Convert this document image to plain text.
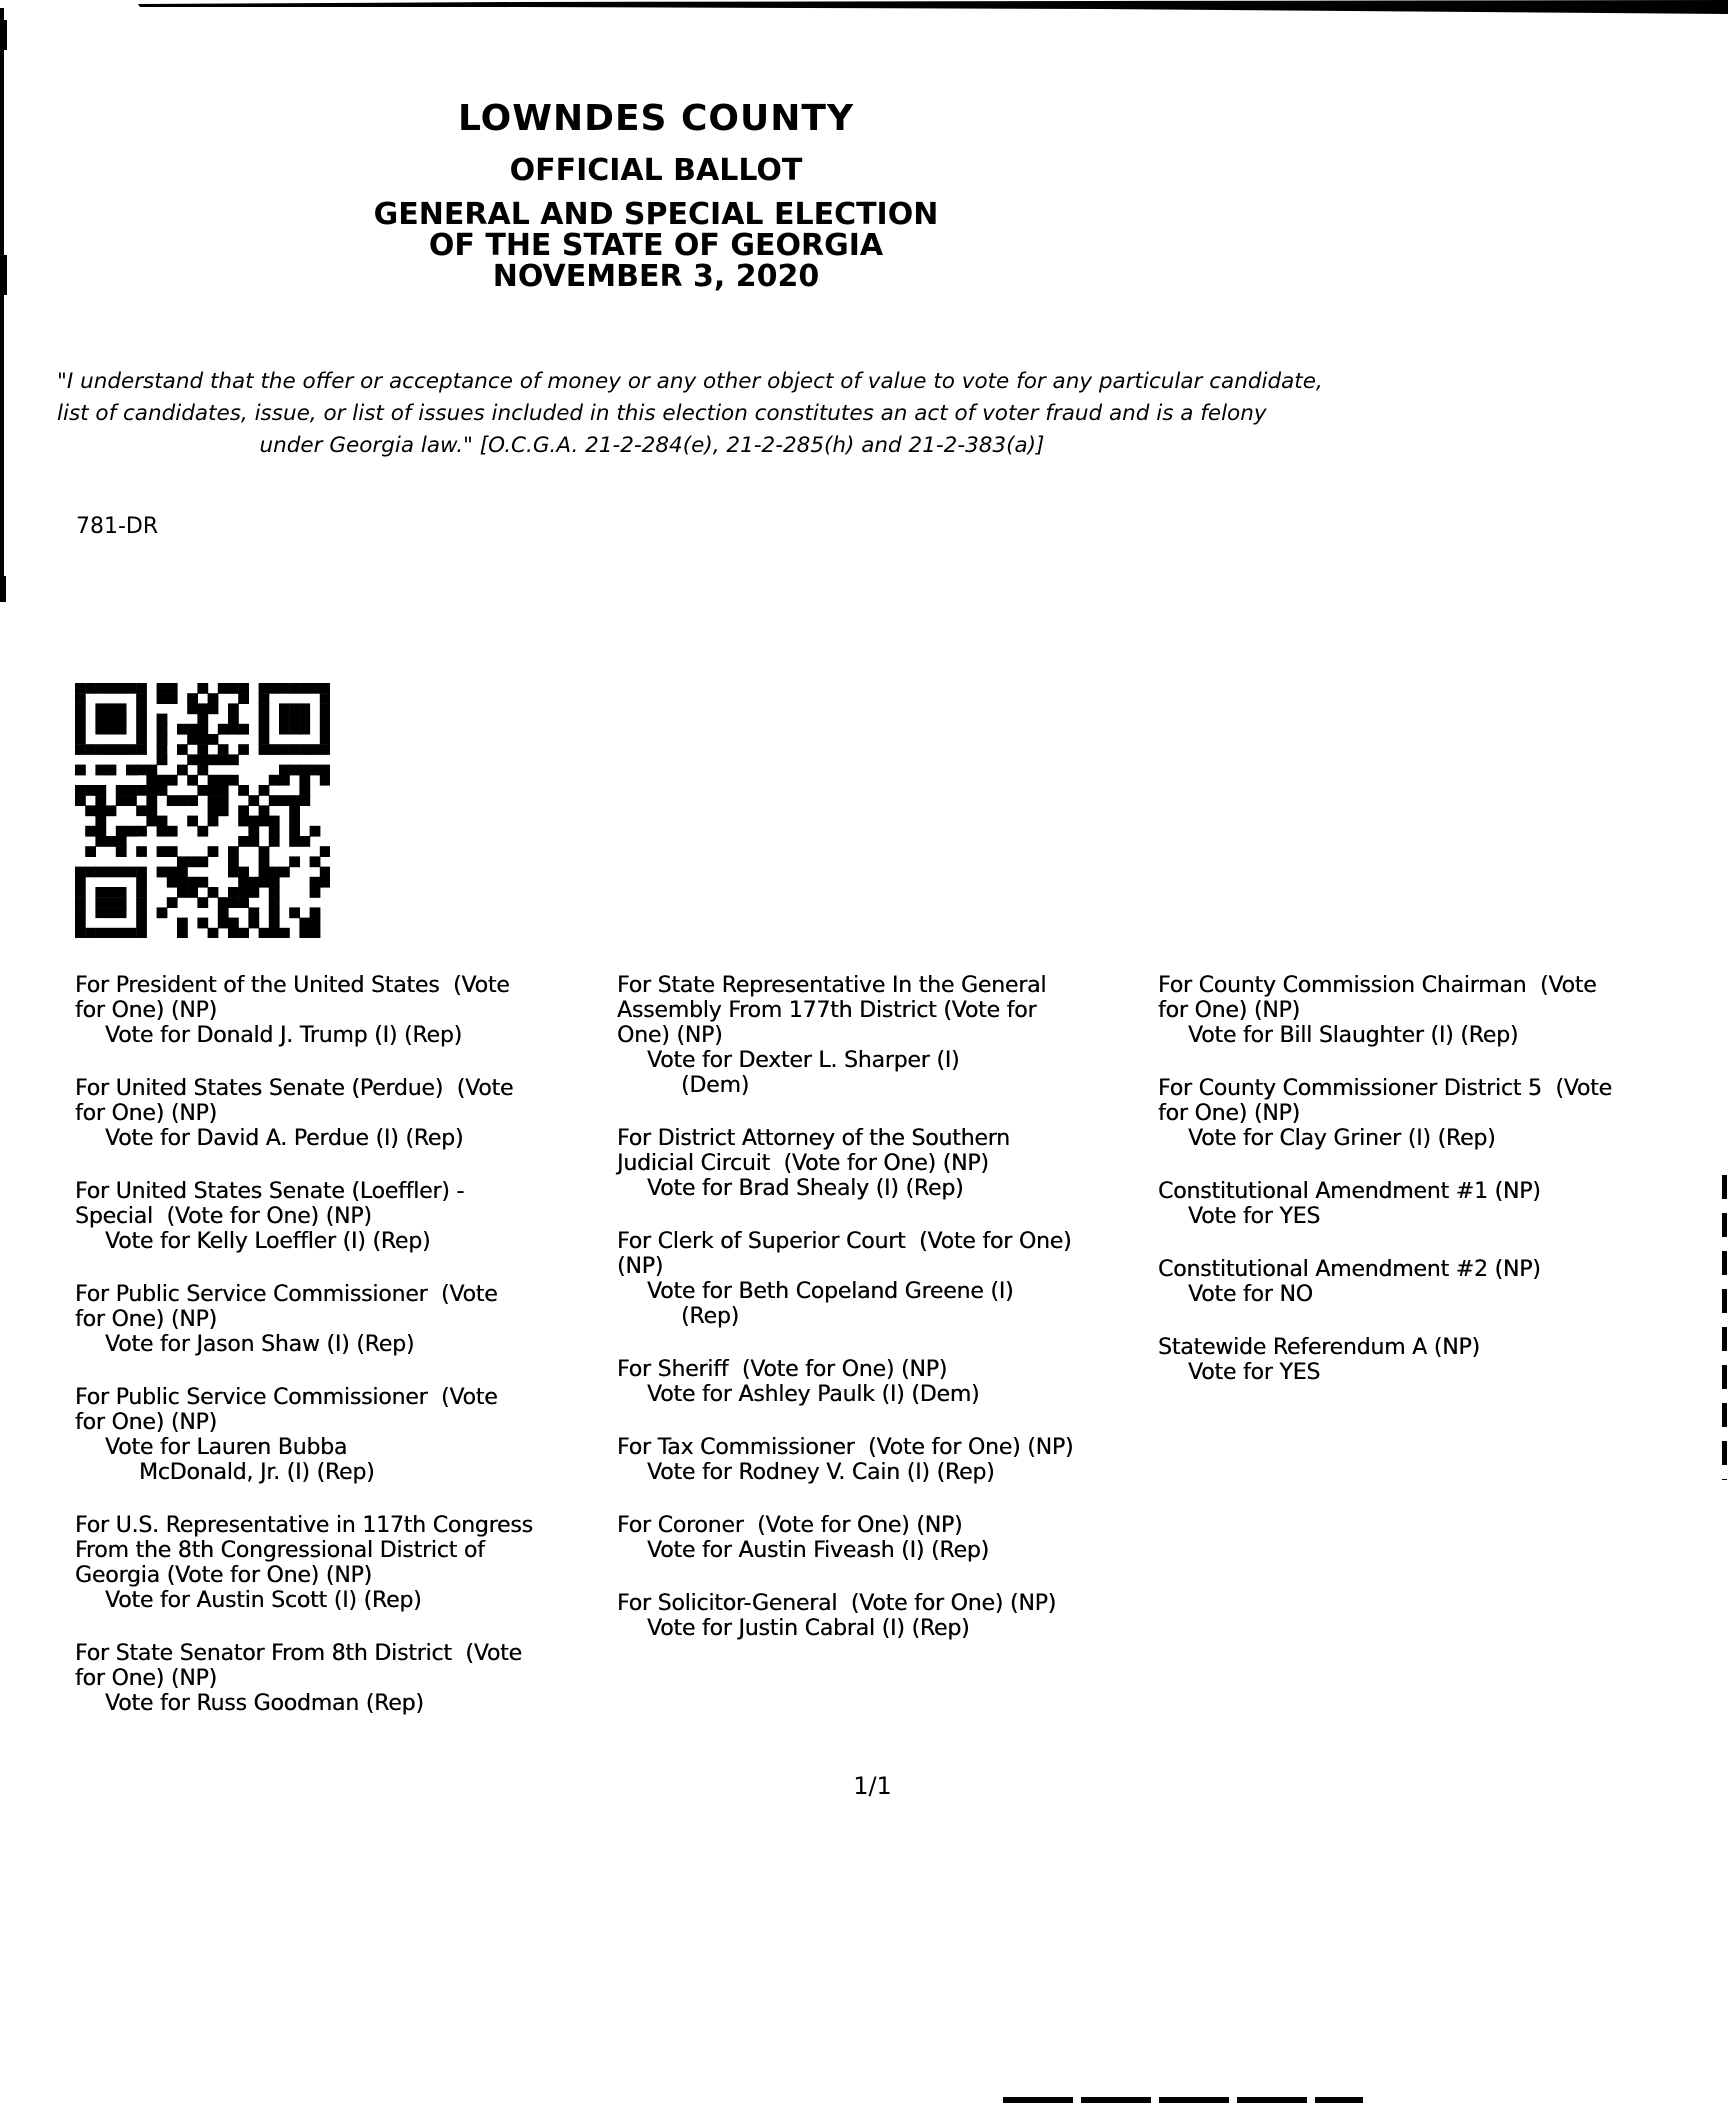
LOWNDES COUNTY
OFFICIAL BALLOT
GENERAL AND SPECIAL ELECTION
OF THE STATE OF GEORGIA
NOVEMBER 3, 2020
"I understand that the offer or acceptance of money or any other object of value to vote for any particular candidate,
list of candidates, issue, or list of issues included in this election constitutes an act of voter fraud and is a felony
under Georgia law." [O.C.G.A. 21-2-284(e), 21-2-285(h) and 21-2-383(a)]
781-DR
For President of the United States  (Vote
for One) (NP)
Vote for Donald J. Trump (I) (Rep)
For United States Senate (Perdue)  (Vote
for One) (NP)
Vote for David A. Perdue (I) (Rep)
For United States Senate (Loeffler) -
Special  (Vote for One) (NP)
Vote for Kelly Loeffler (I) (Rep)
For Public Service Commissioner  (Vote
for One) (NP)
Vote for Jason Shaw (I) (Rep)
For Public Service Commissioner  (Vote
for One) (NP)
Vote for Lauren Bubba
McDonald, Jr. (I) (Rep)
For U.S. Representative in 117th Congress
From the 8th Congressional District of
Georgia (Vote for One) (NP)
Vote for Austin Scott (I) (Rep)
For State Senator From 8th District  (Vote
for One) (NP)
Vote for Russ Goodman (Rep)
For State Representative In the General
Assembly From 177th District (Vote for
One) (NP)
Vote for Dexter L. Sharper (I)
(Dem)
For District Attorney of the Southern
Judicial Circuit  (Vote for One) (NP)
Vote for Brad Shealy (I) (Rep)
For Clerk of Superior Court  (Vote for One)
(NP)
Vote for Beth Copeland Greene (I)
(Rep)
For Sheriff  (Vote for One) (NP)
Vote for Ashley Paulk (I) (Dem)
For Tax Commissioner  (Vote for One) (NP)
Vote for Rodney V. Cain (I) (Rep)
For Coroner  (Vote for One) (NP)
Vote for Austin Fiveash (I) (Rep)
For Solicitor-General  (Vote for One) (NP)
Vote for Justin Cabral (I) (Rep)
For County Commission Chairman  (Vote
for One) (NP)
Vote for Bill Slaughter (I) (Rep)
For County Commissioner District 5  (Vote
for One) (NP)
Vote for Clay Griner (I) (Rep)
Constitutional Amendment #1 (NP)
Vote for YES
Constitutional Amendment #2 (NP)
Vote for NO
Statewide Referendum A (NP)
Vote for YES
1/1
